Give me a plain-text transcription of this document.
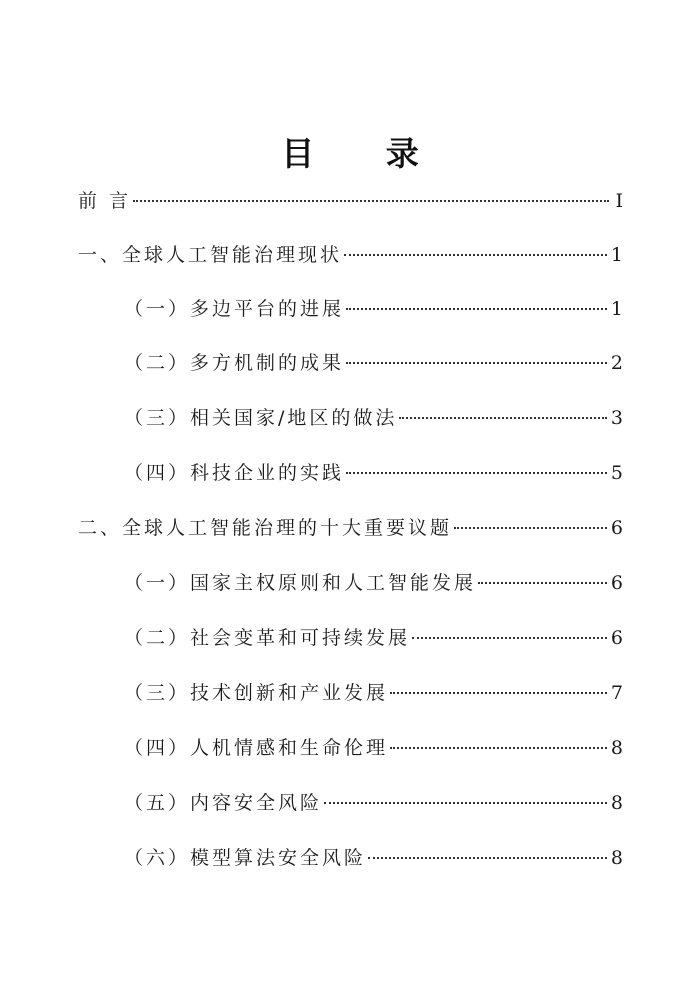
目 录
前 言	I
一、全球人工智能治理现状	1
（一）多边平台的进展	1
（二）多方机制的成果	2
（三）相关国家/地区的做法	3
（四）科技企业的实践	5
二、全球人工智能治理的十大重要议题	6
（一）国家主权原则和人工智能发展	6
（二）社会变革和可持续发展	6
（三）技术创新和产业发展	7
（四）人机情感和生命伦理	8
（五）内容安全风险	8
（六）模型算法安全风险	8
